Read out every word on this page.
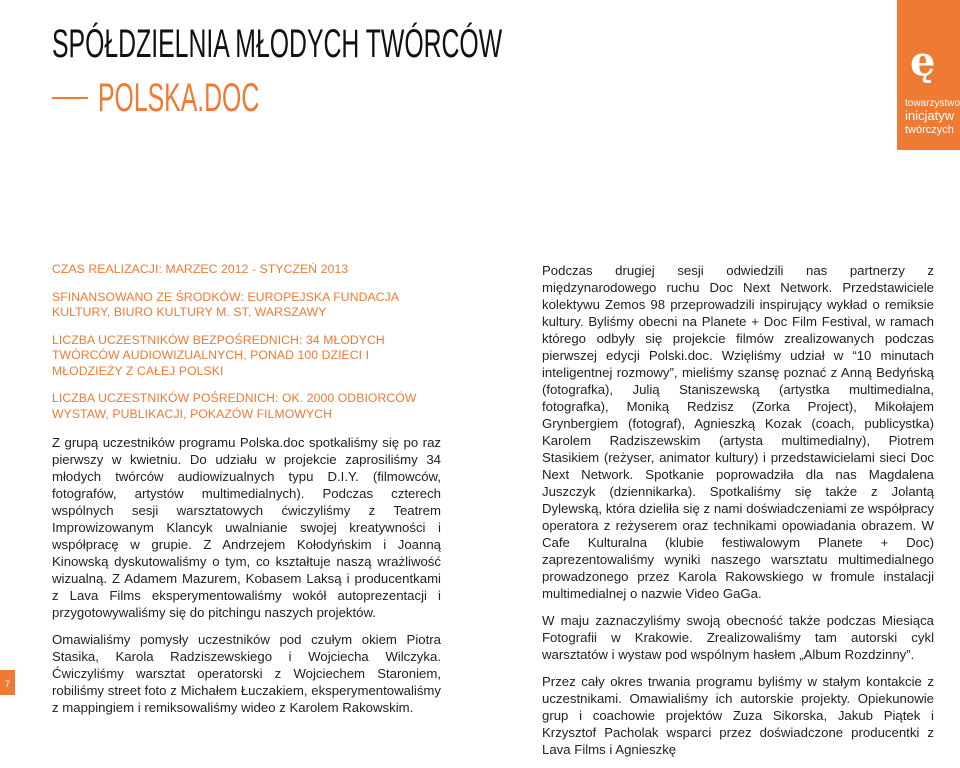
SPÓŁDZIELNIA MŁODYCH TWÓRCÓW
POLSKA.DOC
ę
towarzystwo
inicjatyw
twórczych

CZAS REALIZACJI: MARZEC 2012 - STYCZEŃ 2013

SFINANSOWANO ZE ŚRODKÓW: EUROPEJSKA FUNDACJA KULTURY, BIURO KULTURY M. ST. WARSZAWY

LICZBA UCZESTNIKÓW BEZPOŚREDNICH: 34 MŁODYCH TWÓRCÓW AUDIOWIZUALNYCH, PONAD 100 DZIECI I MŁODZIEŻY Z CAŁEJ POLSKI

LICZBA UCZESTNIKÓW POŚREDNICH: OK. 2000 ODBIORCÓW WYSTAW, PUBLIKACJI, POKAZÓW FILMOWYCH

Z grupą uczestników programu Polska.doc spotkaliśmy się po raz pierwszy w kwietniu. Do udziału w projekcie zaprosiliśmy 34 młodych twórców audiowizualnych typu D.I.Y. (filmowców, fotografów, artystów multimedialnych). Podczas czterech wspólnych sesji warsztatowych ćwiczyliśmy z Teatrem Improwizowanym Klancyk uwalnianie swojej kreatywności i współpracę w grupie. Z Andrzejem Kołodyńskim i Joanną Kinowską dyskutowaliśmy o tym, co kształtuje naszą wrażliwość wizualną. Z Adamem Mazurem, Kobasem Laksą i producentkami z Lava Films eksperymentowaliśmy wokół autoprezentacji i przygotowywaliśmy się do pitchingu naszych projektów.

Omawialiśmy pomysły uczestników pod czułym okiem Piotra Stasika, Karola Radziszewskiego i Wojciecha Wilczyka. Ćwiczyliśmy warsztat operatorski z Wojciechem Staroniem, robiliśmy street foto z Michałem Łuczakiem, eksperymentowaliśmy z mappingiem i remiksowaliśmy wideo z Karolem Rakowskim.

Podczas drugiej sesji odwiedzili nas partnerzy z międzynarodowego ruchu Doc Next Network. Przedstawiciele kolektywu Zemos 98 przeprowadzili inspirujący wykład o remiksie kultury. Byliśmy obecni na Planete + Doc Film Festival, w ramach którego odbyły się projekcie filmów zrealizowanych podczas pierwszej edycji Polski.doc. Wzięliśmy udział w “10 minutach inteligentnej rozmowy”, mieliśmy szansę poznać z Anną Bedyńską (fotografka), Julią Staniszewską (artystka multimedialna, fotografka), Moniką Redzisz (Zorka Project), Mikołajem Grynbergiem (fotograf), Agnieszką Kozak (coach, publicystka) Karolem Radziszewskim (artysta multimedialny), Piotrem Stasikiem (reżyser, animator kultury) i przedstawicielami sieci Doc Next Network. Spotkanie poprowadziła dla nas Magdalena Juszczyk (dziennikarka). Spotkaliśmy się także z Jolantą Dylewską, która dzieliła się z nami doświadczeniami ze współpracy operatora z reżyserem oraz technikami opowiadania obrazem. W Cafe Kulturalna (klubie festiwalowym Planete + Doc) zaprezentowaliśmy wyniki naszego warsztatu multimedialnego prowadzonego przez Karola Rakowskiego w fromule instalacji multimedialnej o nazwie Video GaGa.

W maju zaznaczyliśmy swoją obecność także podczas Miesiąca Fotografii w Krakowie. Zrealizowaliśmy tam autorski cykl warsztatów i wystaw pod wspólnym hasłem „Album Rozdzinny”.

Przez cały okres trwania programu byliśmy w stałym kontakcie z uczestnikami. Omawialiśmy ich autorskie projekty. Opiekunowie grup i coachowie projektów Zuza Sikorska, Jakub Piątek i Krzysztof Pacholak wsparci przez doświadczone producentki z Lava Films i Agnieszkę

7
